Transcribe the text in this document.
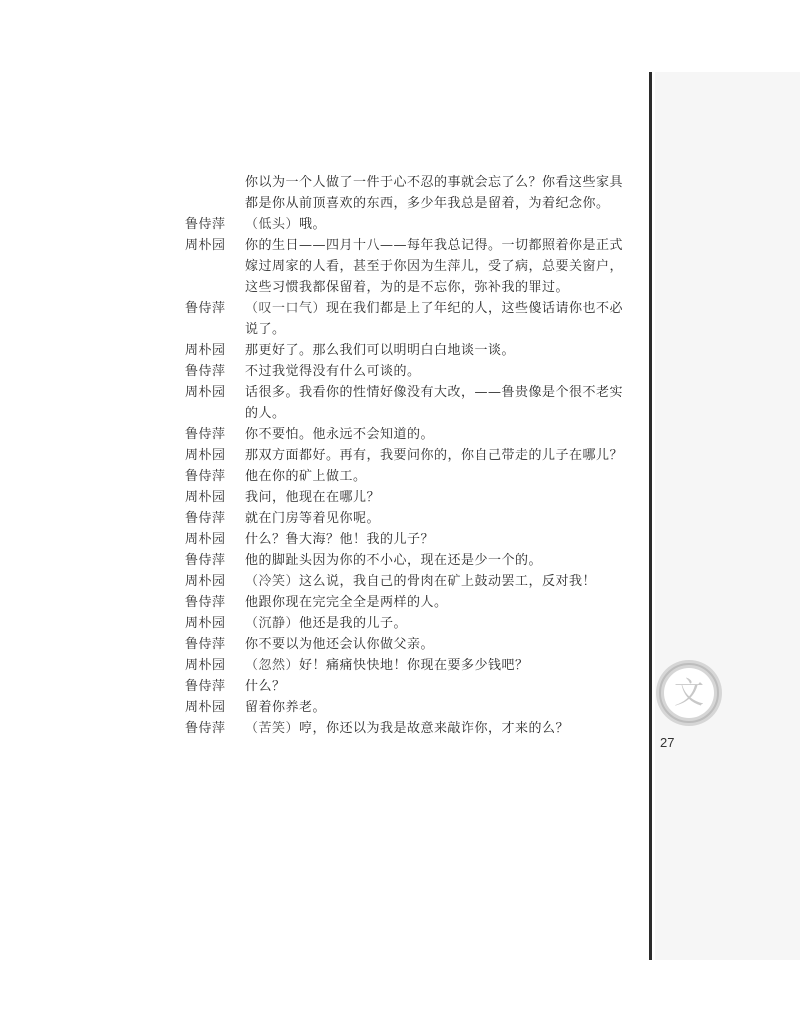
你以为一个人做了一件于心不忍的事就会忘了么？你看这些家具都是你从前顶喜欢的东西，多少年我总是留着，为着纪念你。
鲁侍萍	（低头）哦。
周朴园	你的生日——四月十八——每年我总记得。一切都照着你是正式嫁过周家的人看，甚至于你因为生萍儿，受了病，总要关窗户，这些习惯我都保留着，为的是不忘你，弥补我的罪过。
鲁侍萍	（叹一口气）现在我们都是上了年纪的人，这些傻话请你也不必说了。
周朴园	那更好了。那么我们可以明明白白地谈一谈。
鲁侍萍	不过我觉得没有什么可谈的。
周朴园	话很多。我看你的性情好像没有大改，——鲁贵像是个很不老实的人。
鲁侍萍	你不要怕。他永远不会知道的。
周朴园	那双方面都好。再有，我要问你的，你自己带走的儿子在哪儿？
鲁侍萍	他在你的矿上做工。
周朴园	我问，他现在在哪儿？
鲁侍萍	就在门房等着见你呢。
周朴园	什么？鲁大海？他！我的儿子？
鲁侍萍	他的脚趾头因为你的不小心，现在还是少一个的。
周朴园	（冷笑）这么说，我自己的骨肉在矿上鼓动罢工，反对我！
鲁侍萍	他跟你现在完完全全是两样的人。
周朴园	（沉静）他还是我的儿子。
鲁侍萍	你不要以为他还会认你做父亲。
周朴园	（忽然）好！痛痛快快地！你现在要多少钱吧？
鲁侍萍	什么？
周朴园	留着你养老。
鲁侍萍	（苦笑）哼，你还以为我是故意来敲诈你，才来的么？
文
27
